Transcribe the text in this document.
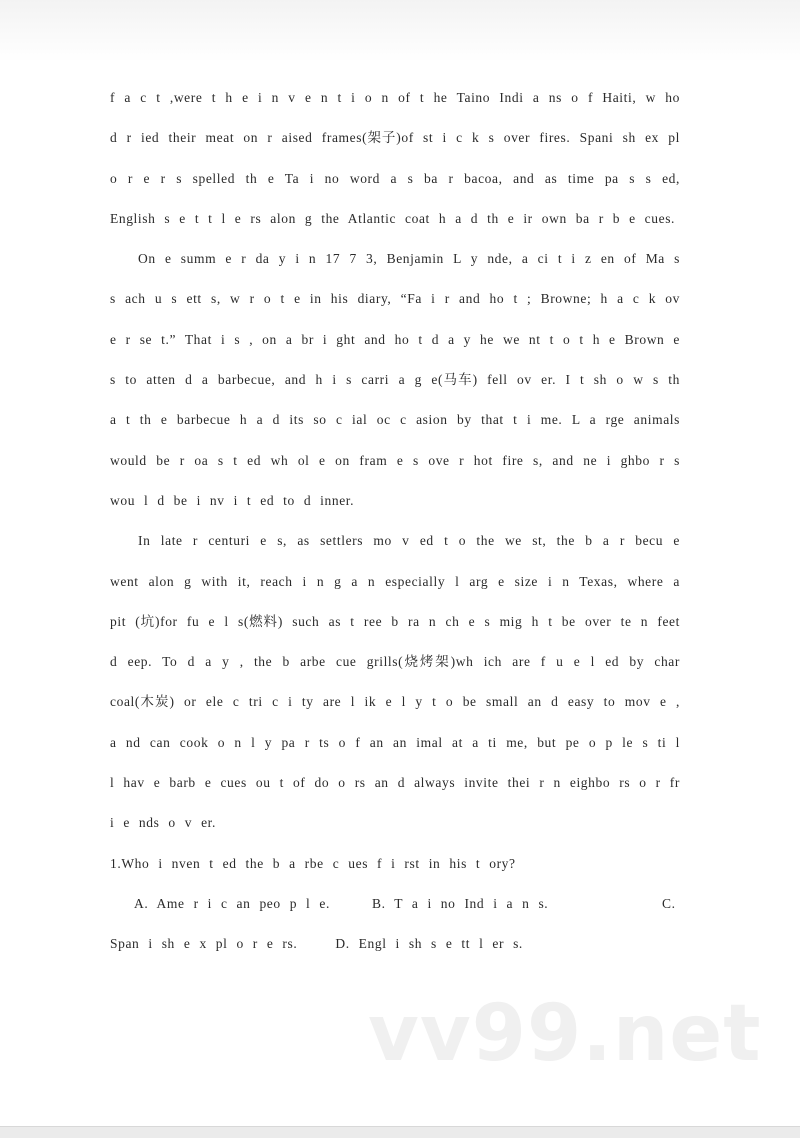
f a c t ,were t h e i n v e n t i o n of t he Taino Indi a ns o f Haiti, w ho d r ied their meat on r aised frames(架子)of st i c k s over fires. Spani sh ex pl o r e r s spelled th e Ta i no word a s ba r bacoa, and as time pa s s ed, English s e t t l e rs alon g the Atlantic coat h a d th e ir own ba r b e cues.

On e summ e r da y i n 17 7 3, Benjamin L y nde, a ci t i z en of Ma s s ach u s ett s, w r o t e in his diary, “Fa i r and ho t ; Browne; h a c k ov e r se t.” That i s , on a br i ght and ho t d a y he we nt t o t h e Brown e s to atten d a barbecue, and h i s carri a g e(马车) fell ov er. I t sh o w s th a t th e barbecue h a d its so c ial oc c asion by that t i me. L a rge animals would be r oa s t ed wh ol e on fram e s ove r hot fire s, and ne i ghbo r s wou l d be i nv i t ed to d inner.

In late r centuri e s, as settlers mo v ed t o the we st, the b a r becu e went alon g with it, reach i n g a n especially l arg e size i n Texas, where a pit (坑)for fu e l s(燃料) such as t ree b ra n ch e s mig h t be over te n feet d eep. To d a y , the b arbe cue grills(烧烤架)wh ich are f u e l ed by char coal(木炭) or ele c tri c i ty are l ik e l y t o be small an d easy to mov e , a nd can cook o n l y pa r ts o f an an imal at a ti me, but pe o p le s ti l l hav e barb e cues ou t of do o rs an d always invite thei r n eighbo rs o r fr i e nds o v er.

1.Who i nven t ed the b a rbe c ues f i rst in his t ory?

A. Ame r i c an peo p l e.	B. T a i no Ind i a n s.	C.
Span i sh e x pl o r e rs.	D. Engl i sh s e tt l er s.
vv99.net
